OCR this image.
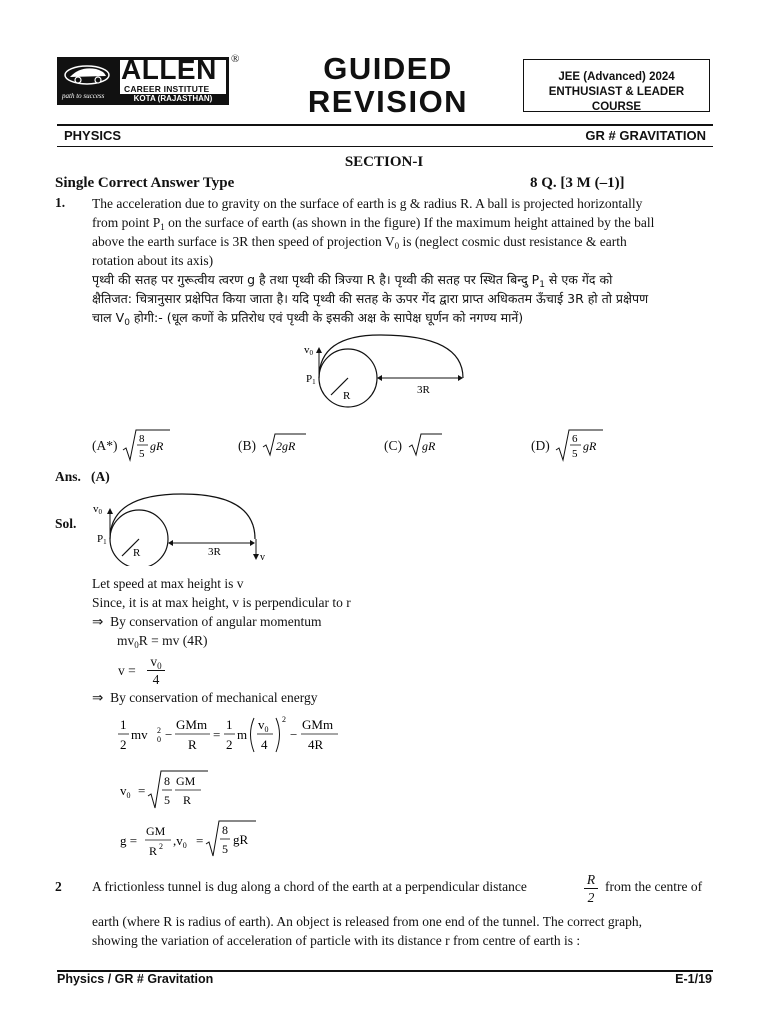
path to success
ALLEN
CAREER INSTITUTE
KOTA (RAJASTHAN)
®	GUIDED
REVISION
JEE (Advanced) 2024
ENTHUSIAST & LEADER COURSE
PHYSICS	GR # GRAVITATION
SECTION-I
Single Correct Answer Type	8 Q. [3 M (–1)]
1. The acceleration due to gravity on the surface of earth is g & radius R. A ball is projected horizontally
from point $P_1$ on the surface of earth (as shown in the figure) If the maximum height attained by the ball
above the earth surface is 3R then speed of projection $V_0$ is (neglect cosmic dust resistance & earth
rotation about its axis)
पृथ्वी की सतह पर गुरूत्वीय त्वरण g है तथा पृथ्वी की त्रिज्या R है। पृथ्वी की सतह पर स्थित बिन्दु $P_1$ से एक गेंद को
क्षैतिजत: चित्रानुसार प्रक्षेपित किया जाता है। यदि पृथ्वी की सतह के ऊपर गेंद द्वारा प्राप्त अधिकतम ऊँचाई 3R हो तो प्रक्षेपण
चाल $V_0$ होगी:- (धूल कणों के प्रतिरोध एवं पृथ्वी के इसकी अक्ष के सापेक्ष घूर्णन को नगण्य मानें)
v0
P1
R	3R
(A*) 8
5
gR	(B) 2gR	(C) gR	(D) 6
5
gR
Ans. (A)
Sol.
v0
P1
R	3R	v
Let speed at max height is v
Since, it is at max height, v is perpendicular to r
⇒ By conservation of angular momentum
$mv_0R$ = mv (4R)
v =
$v_0$
4
⇒ By conservation of mechanical energy
1
2
mv 2
0 −
GMm
R
=
1
2
m
$v_0$
4
2
−
GMm
4R
$v_0$ =
8
5
GM
R
g =
GM
R 2 $,v_0$ =
8
5
gR
2 A frictionless tunnel is dug along a chord of the earth at a perpendicular distance	R
2
from the centre of
earth (where R is radius of earth). An object is released from one end of the tunnel. The correct graph,
showing the variation of acceleration of particle with its distance r from centre of earth is :
Physics / GR # Gravitation	E-1/19
